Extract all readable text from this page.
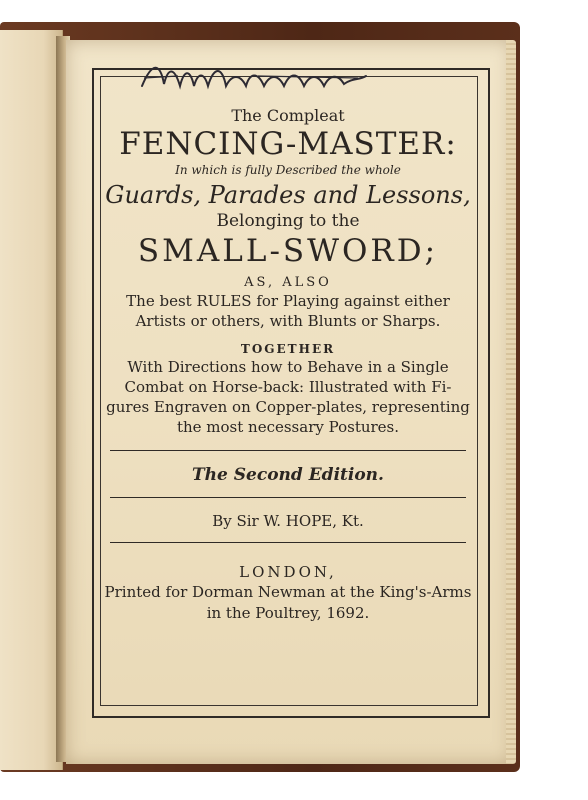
The Compleat
FENCING-MASTER:
In which is fully Described the whole
Guards, Parades and Lessons,
Belonging to the
SMALL-SWORD;
AS, ALSO
The best RULES for Playing against either
Artists or others, with Blunts or Sharps.
TOGETHER
With Directions how to Behave in a Single
Combat on Horse-back: Illustrated with Fi-
gures Engraven on Copper-plates, representing
the most necessary Postures.
The Second Edition.
By Sir W. HOPE, Kt.
LONDON,
Printed for Dorman Newman at the King's-Arms
in the Poultrey, 1692.
